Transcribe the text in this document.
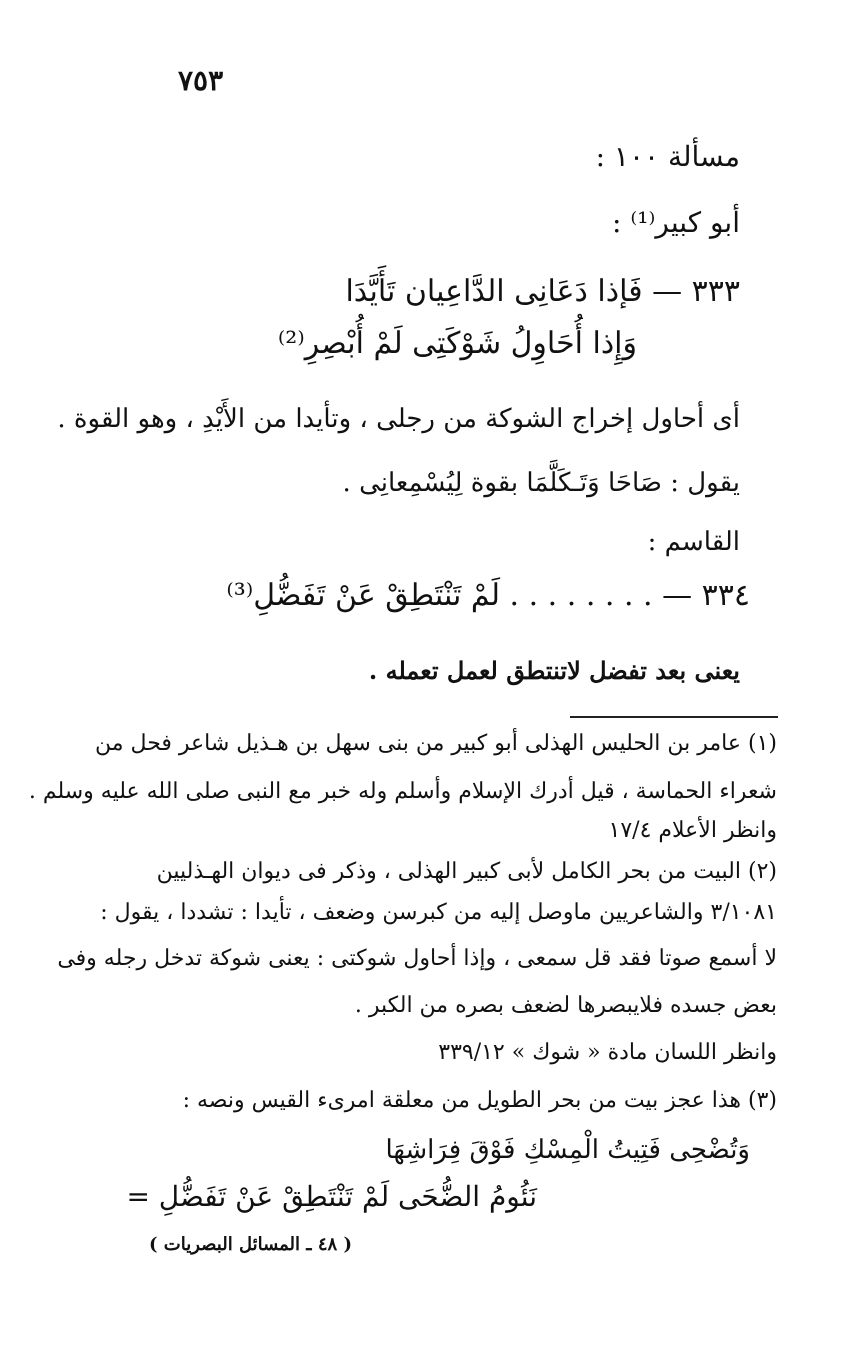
٧٥٣
مسألة ١٠٠ :
أبو كبير⁽¹⁾ :
٣٣٣ — فَإذا دَعَانِى الدَّاعِيان تَأَيَّدَا
وَإِذا أُحَاوِلُ شَوْكَتِى لَمْ أُبْصِرِ⁽²⁾
أى أحاول إخراج الشوكة من رجلى ، وتأيدا من الأَيْدِ ، وهو القوة .
يقول : صَاحَا وَتَـكَلَّمَا بقوة لِيُسْمِعانِى .
القاسم :
٣٣٤ — . . . . . . . . لَمْ تَنْتَطِقْ عَنْ تَفَضُّلِ⁽³⁾
يعنى بعد تفضل لاتنتطق لعمل تعمله .
(١) عامر بن الحليس الهذلى أبو كبير من بنى سهل بن هـذيل شاعر فحل من
شعراء الحماسة ، قيل أدرك الإسلام وأسلم وله خبر مع النبى صلى الله عليه وسلم .
وانظر الأعلام ١٧/٤
(٢) البيت من بحر الكامل لأبى كبير الهذلى ، وذكر فى ديوان الهـذليين
٣/١٠٨١ والشاعريين ماوصل إليه من كبرسن وضعف ، تأيدا : تشددا ، يقول :
لا أسمع صوتا فقد قل سمعى ، وإذا أحاول شوكتى : يعنى شوكة تدخل رجله وفى
بعض جسده فلايبصرها لضعف بصره من الكبر .
وانظر اللسان مادة « شوك » ٣٣٩/١٢
(٣) هذا عجز بيت من بحر الطويل من معلقة امرىء القيس ونصه :
وَتُضْحِى فَتِيتُ الْمِسْكِ فَوْقَ فِرَاشِهَا
نَئُومُ الضُّحَى لَمْ تَنْتَطِقْ عَنْ تَفَضُّلِ =
( ٤٨ ـ المسائل البصريات )
